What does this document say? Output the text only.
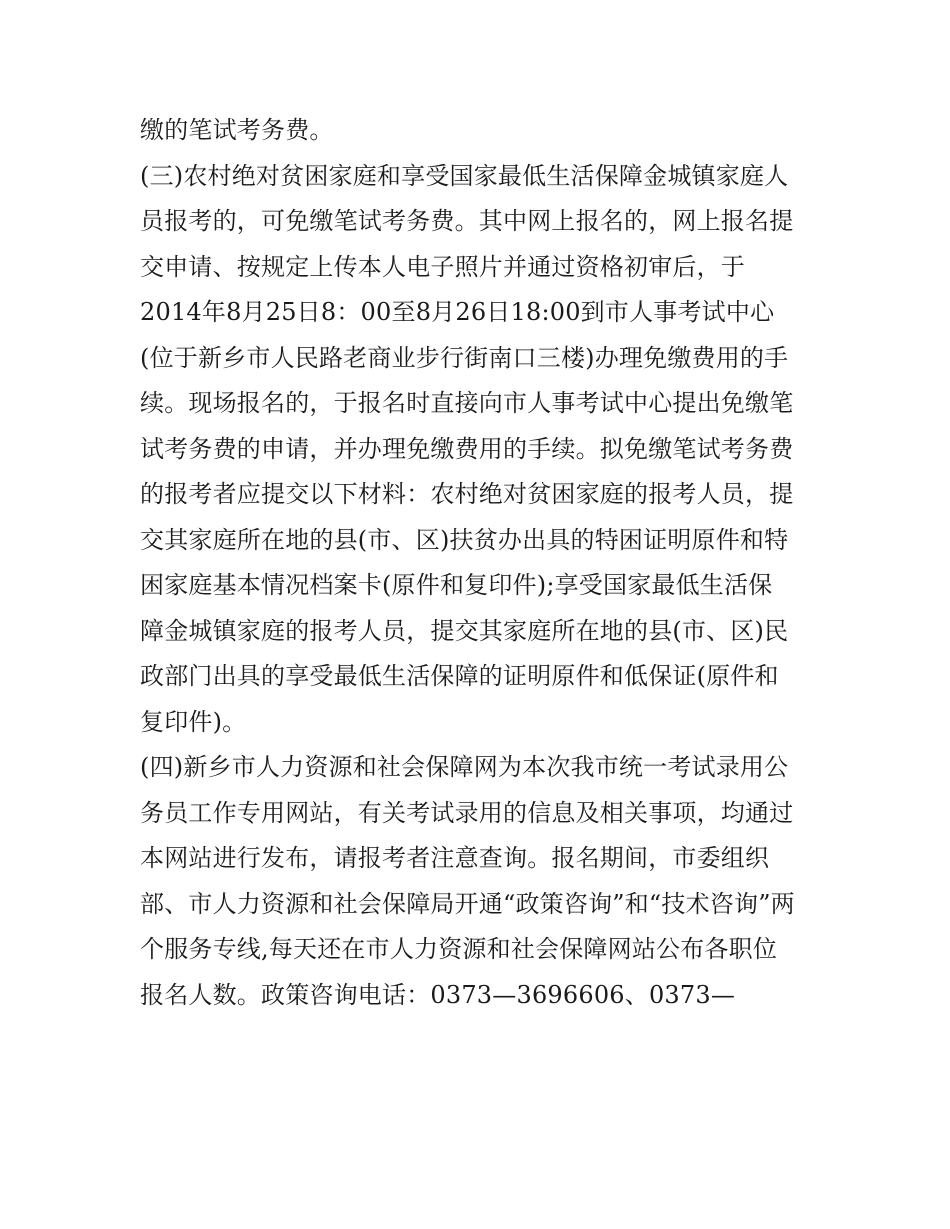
缴的笔试考务费。
(三)农村绝对贫困家庭和享受国家最低生活保障金城镇家庭人
员报考的，可免缴笔试考务费。其中网上报名的，网上报名提
交申请、按规定上传本人电子照片并通过资格初审后，于
2014年8月25日8：00至8月26日18:00到市人事考试中心
(位于新乡市人民路老商业步行街南口三楼)办理免缴费用的手
续。现场报名的，于报名时直接向市人事考试中心提出免缴笔
试考务费的申请，并办理免缴费用的手续。拟免缴笔试考务费
的报考者应提交以下材料：农村绝对贫困家庭的报考人员，提
交其家庭所在地的县(市、区)扶贫办出具的特困证明原件和特
困家庭基本情况档案卡(原件和复印件);享受国家最低生活保
障金城镇家庭的报考人员，提交其家庭所在地的县(市、区)民
政部门出具的享受最低生活保障的证明原件和低保证(原件和
复印件)。
(四)新乡市人力资源和社会保障网为本次我市统一考试录用公
务员工作专用网站，有关考试录用的信息及相关事项，均通过
本网站进行发布，请报考者注意查询。报名期间，市委组织
部、市人力资源和社会保障局开通“政策咨询”和“技术咨询”两
个服务专线,每天还在市人力资源和社会保障网站公布各职位
报名人数。政策咨询电话：0373—3696606、0373—
